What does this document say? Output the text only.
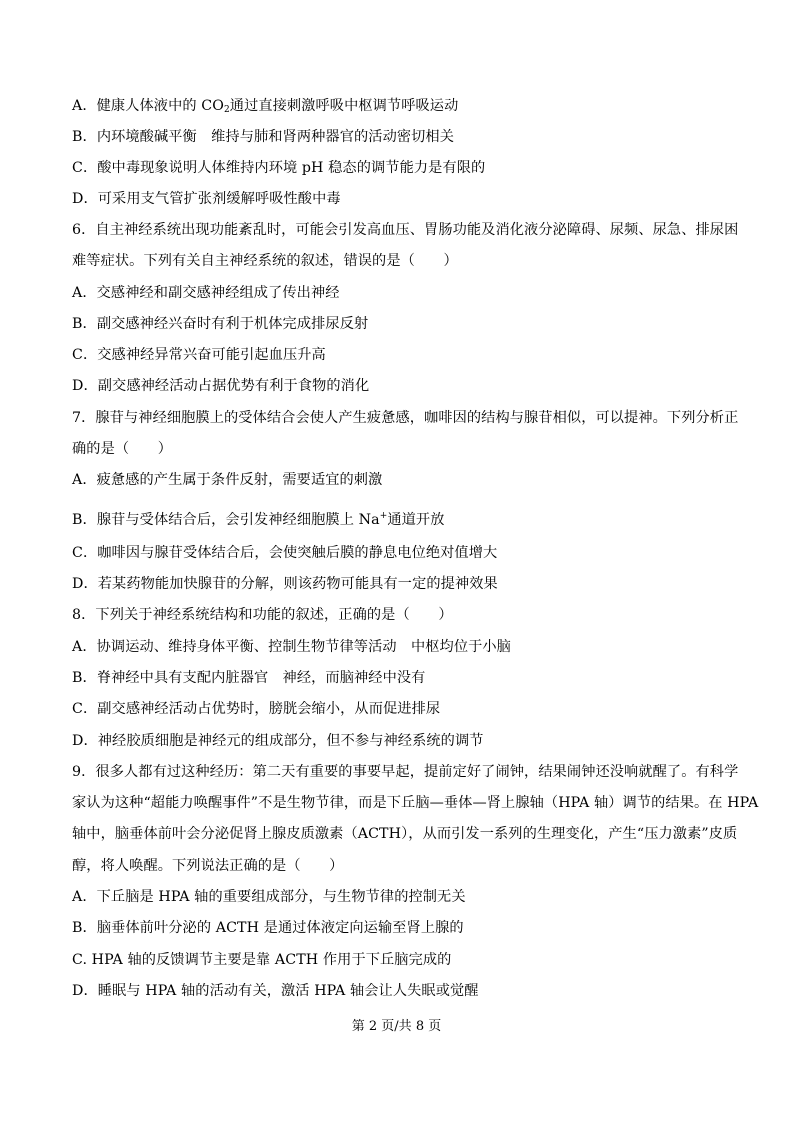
A．健康人体液中的 $CO_2$通过直接刺激呼吸中枢调节呼吸运动
B．内环境酸碱平衡　维持与肺和肾两种器官的活动密切相关
C．酸中毒现象说明人体维持内环境 pH 稳态的调节能力是有限的
D．可采用支气管扩张剂缓解呼吸性酸中毒
6．自主神经系统出现功能紊乱时，可能会引发高血压、胃肠功能及消化液分泌障碍、尿频、尿急、排尿困
难等症状。下列有关自主神经系统的叙述，错误的是（　　）
A．交感神经和副交感神经组成了传出神经
B．副交感神经兴奋时有利于机体完成排尿反射
C．交感神经异常兴奋可能引起血压升高
D．副交感神经活动占据优势有利于食物的消化
7．腺苷与神经细胞膜上的受体结合会使人产生疲惫感，咖啡因的结构与腺苷相似，可以提神。下列分析正
确的是（　　）
A．疲惫感的产生属于条件反射，需要适宜的刺激
B．腺苷与受体结合后，会引发神经细胞膜上 Na+通道开放
C．咖啡因与腺苷受体结合后，会使突触后膜的静息电位绝对值增大
D．若某药物能加快腺苷的分解，则该药物可能具有一定的提神效果
8．下列关于神经系统结构和功能的叙述，正确的是（　　）
A．协调运动、维持身体平衡、控制生物节律等活动　中枢均位于小脑
B．脊神经中具有支配内脏器官　神经，而脑神经中没有
C．副交感神经活动占优势时，膀胱会缩小，从而促进排尿
D．神经胶质细胞是神经元的组成部分，但不参与神经系统的调节
9．很多人都有过这种经历：第二天有重要的事要早起，提前定好了闹钟，结果闹钟还没响就醒了。有科学
家认为这种“超能力唤醒事件”不是生物节律，而是下丘脑—垂体—肾上腺轴（HPA 轴）调节的结果。在 HPA
轴中，脑垂体前叶会分泌促肾上腺皮质激素（ACTH），从而引发一系列的生理变化，产生“压力激素”皮质
醇，将人唤醒。下列说法正确的是（　　）
A．下丘脑是 HPA 轴的重要组成部分，与生物节律的控制无关
B．脑垂体前叶分泌的 ACTH 是通过体液定向运输至肾上腺的
C. HPA 轴的反馈调节主要是靠 ACTH 作用于下丘脑完成的
D．睡眠与 HPA 轴的活动有关，激活 HPA 轴会让人失眠或觉醒
第 2 页/共 8 页
